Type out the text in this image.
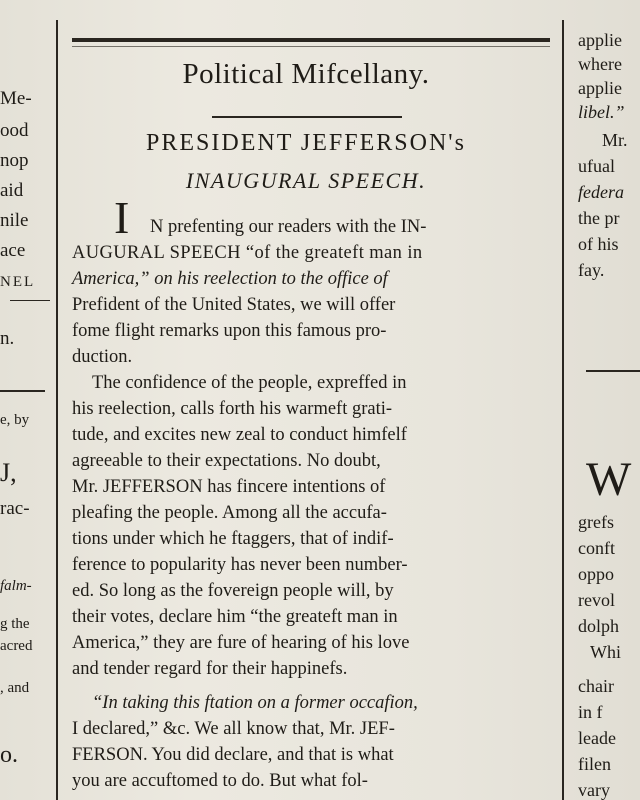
Me-
ood
nop
aid
nile
ace
NEL
n.
e, by
J,
rac-
falm-
g the
acred
, and
o.
Political Mifcellany.
PRESIDENT JEFFERSON's
INAUGURAL SPEECH.
I N prefenting our readers with the IN-
AUGURAL SPEECH “of the greateft man in
America,” on his reelection to the office of
Prefident of the United States, we will offer
fome flight remarks upon this famous pro-
duction.
The confidence of the people, expreffed in
his reelection, calls forth his warmeft grati-
tude, and excites new zeal to conduct himfelf
agreeable to their expectations. No doubt,
Mr. JEFFERSON has fincere intentions of
pleafing the people. Among all the accufa-
tions under which he ftaggers, that of indif-
ference to popularity has never been number-
ed. So long as the fovereign people will, by
their votes, declare him “the greateft man in
America,” they are fure of hearing of his love
and tender regard for their happinefs.
“In taking this ftation on a former occafion,
I declared,” &c. We all know that, Mr. JEF-
FERSON. You did declare, and that is what
you are accuftomed to do. But what fol-
applie
where
applie
libel.”
Mr.
ufual
federa
the pr
of his
fay.
W
grefs
conft
oppo
revol
dolph
Whi
chair
in f
leade
filen
vary
